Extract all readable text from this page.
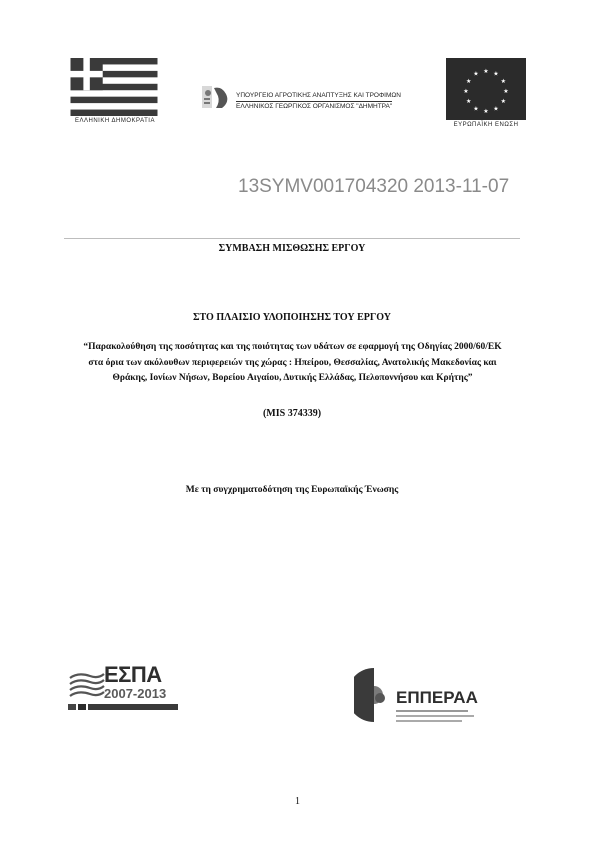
ΕΛΛΗΝΙΚΗ ΔΗΜΟΚΡΑΤΙΑ
ΥΠΟΥΡΓΕΙΟ ΑΓΡΟΤΙΚΗΣ ΑΝΑΠΤΥΞΗΣ ΚΑΙ ΤΡΟΦΙΜΩΝ
ΕΛΛΗΝΙΚΟΣ ΓΕΩΡΓΙΚΟΣ ΟΡΓΑΝΙΣΜΟΣ "ΔΗΜΗΤΡΑ"
★ ★
★
★
★
★
★
★
★
★
★
★
ΕΥΡΩΠΑΪΚΗ ΕΝΩΣΗ
13SYMV001704320 2013-11-07
ΣΥΜΒΑΣΗ ΜΙΣΘΩΣΗΣ ΕΡΓΟΥ
ΣΤΟ ΠΛΑΙΣΙΟ ΥΛΟΠΟΙΗΣΗΣ ΤΟΥ ΕΡΓΟΥ
“Παρακολούθηση της ποσότητας και της ποιότητας των υδάτων σε εφαρμογή της Οδηγίας 2000/60/ΕΚ στα όρια των ακόλουθων περιφερειών της χώρας : Ηπείρου, Θεσσαλίας, Ανατολικής Μακεδονίας και Θράκης, Ιονίων Νήσων, Βορείου Αιγαίου, Δυτικής Ελλάδας, Πελοποννήσου και Κρήτης”
(MIS 374339)
Με τη συγχρηματοδότηση της Ευρωπαϊκής Ένωσης
ΕΣΠΑ
2007-2013	ΕΠΠΕΡΑΑ
1
